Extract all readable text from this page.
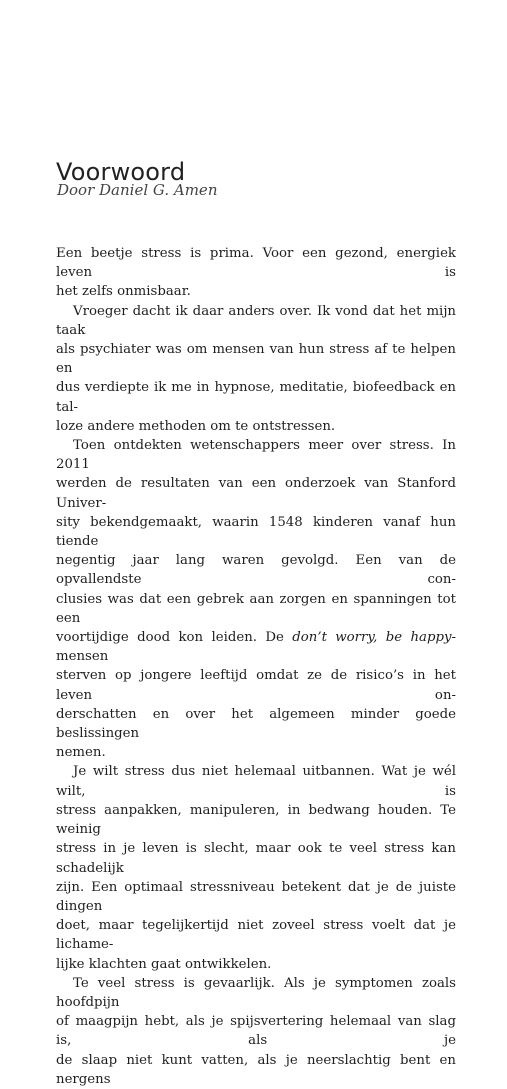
Voorwoord
Door Daniel G. Amen
Een beetje stress is prima. Voor een gezond, energiek leven is
het zelfs onmisbaar.
Vroeger dacht ik daar anders over. Ik vond dat het mijn taak
als psychiater was om mensen van hun stress af te helpen en
dus verdiepte ik me in hypnose, meditatie, biofeedback en tal-
loze andere methoden om te ontstressen.
Toen ontdekten wetenschappers meer over stress. In 2011
werden de resultaten van een onderzoek van Stanford Univer-
sity bekendgemaakt, waarin 1548 kinderen vanaf hun tiende
negentig jaar lang waren gevolgd. Een van de opvallendste con-
clusies was dat een gebrek aan zorgen en spanningen tot een
voortijdige dood kon leiden. De don’t worry, be happy-mensen
sterven op jongere leeftijd omdat ze de risico’s in het leven on-
derschatten en over het algemeen minder goede beslissingen
nemen.
Je wilt stress dus niet helemaal uitbannen. Wat je wél wilt, is
stress aanpakken, manipuleren, in bedwang houden. Te weinig
stress in je leven is slecht, maar ook te veel stress kan schadelijk
zijn. Een optimaal stressniveau betekent dat je de juiste dingen
doet, maar tegelijkertijd niet zoveel stress voelt dat je lichame-
lijke klachten gaat ontwikkelen.
Te veel stress is gevaarlijk. Als je symptomen zoals hoofdpijn
of maagpijn hebt, als je spijsvertering helemaal van slag is, als je
de slaap niet kunt vatten, als je neerslachtig bent en nergens
